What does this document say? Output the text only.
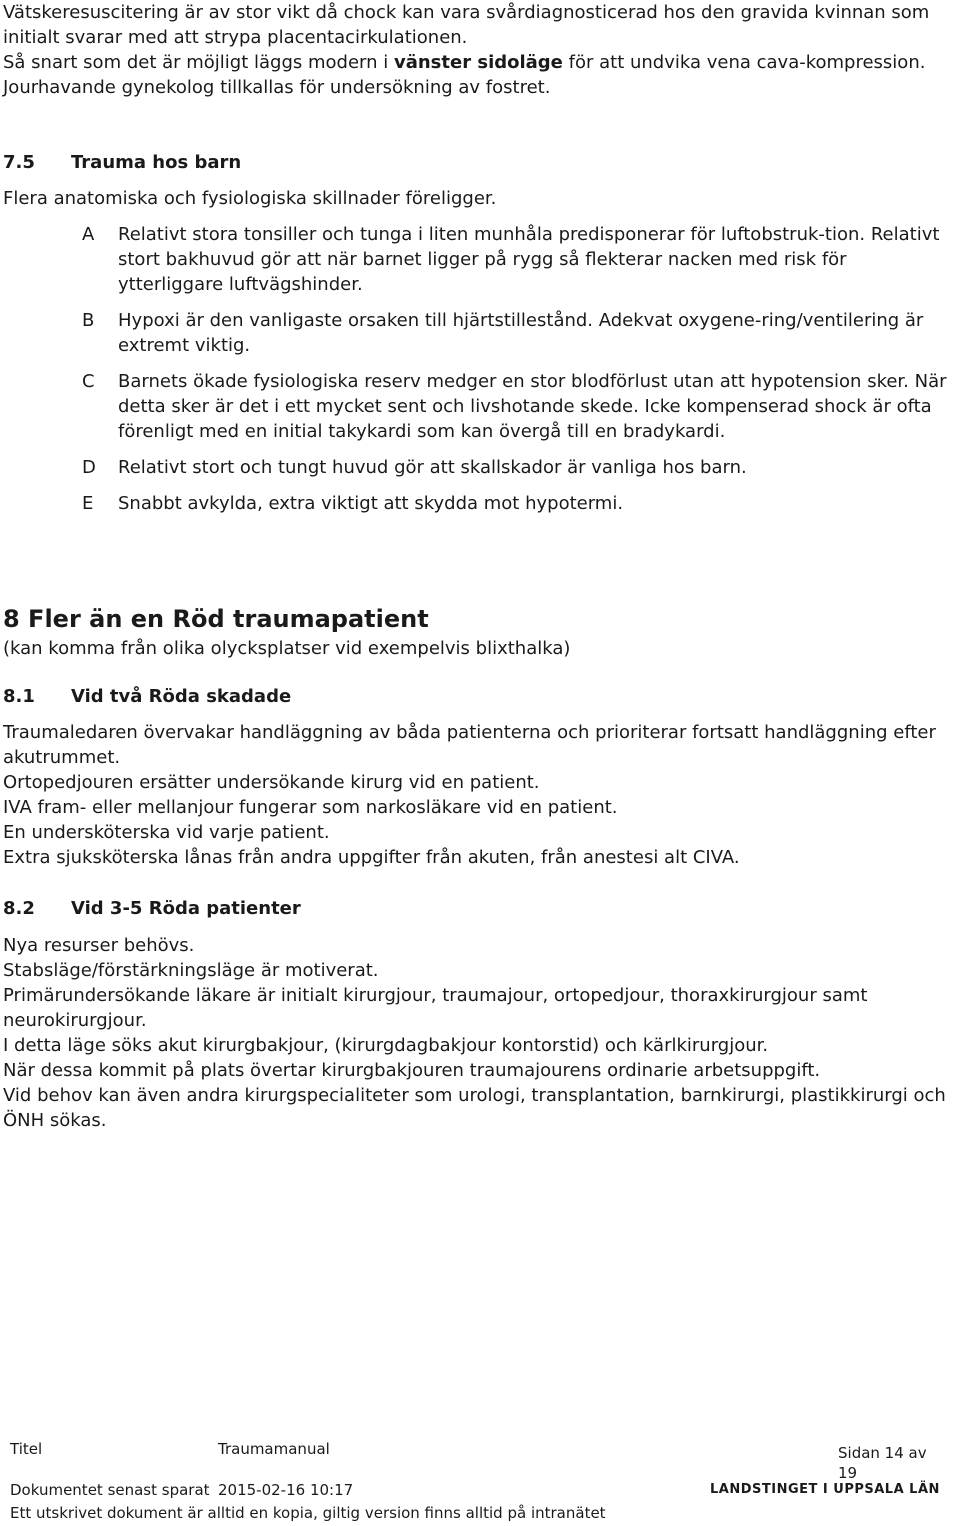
Vätskeresuscitering är av stor vikt då chock kan vara svårdiagnosticerad hos den gravida kvinnan som initialt svarar med att strypa placentacirkulationen.
Så snart som det är möjligt läggs modern i vänster sidoläge för att undvika vena cava-kompression.
Jourhavande gynekolog tillkallas för undersökning av fostret.

7.5 Trauma hos barn

Flera anatomiska och fysiologiska skillnader föreligger.

A Relativt stora tonsiller och tunga i liten munhåla predisponerar för luftobstruk-tion. Relativt stort bakhuvud gör att när barnet ligger på rygg så flekterar nacken med risk för ytterliggare luftvägshinder.
B Hypoxi är den vanligaste orsaken till hjärtstillestånd. Adekvat oxygene-ring/ventilering är extremt viktig.
C Barnets ökade fysiologiska reserv medger en stor blodförlust utan att hypotension sker. När detta sker är det i ett mycket sent och livshotande skede. Icke kompenserad shock är ofta förenligt med en initial takykardi som kan övergå till en bradykardi.
D Relativt stort och tungt huvud gör att skallskador är vanliga hos barn.
E Snabbt avkylda, extra viktigt att skydda mot hypotermi.
8 Fler än en Röd traumapatient

(kan komma från olika olycksplatser vid exempelvis blixthalka)

8.1 Vid två Röda skadade
Traumaledaren övervakar handläggning av båda patienterna och prioriterar fortsatt handläggning efter akutrummet.
Ortopedjouren ersätter undersökande kirurg vid en patient.
IVA fram- eller mellanjour fungerar som narkosläkare vid en patient.
En undersköterska vid varje patient.
Extra sjuksköterska lånas från andra uppgifter från akuten, från anestesi alt CIVA.
8.2 Vid 3-5 Röda patienter
Nya resurser behövs.
Stabsläge/förstärkningsläge är motiverat.
Primärundersökande läkare är initialt kirurgjour, traumajour, ortopedjour, thoraxkirurgjour samt neurokirurgjour.
I detta läge söks akut kirurgbakjour, (kirurgdagbakjour kontorstid) och kärlkirurgjour.
När dessa kommit på plats övertar kirurgbakjouren traumajourens ordinarie arbetsuppgift.
Vid behov kan även andra kirurgspecialiteter som urologi, transplantation, barnkirurgi, plastikkirurgi och ÖNH sökas.
Titel	Traumamanual	Sidan 14 av
19
Dokumentet senast sparat 2015-02-16 10:17	LANDSTINGET I UPPSALA LÄN
Ett utskrivet dokument är alltid en kopia, giltig version finns alltid på intranätet
